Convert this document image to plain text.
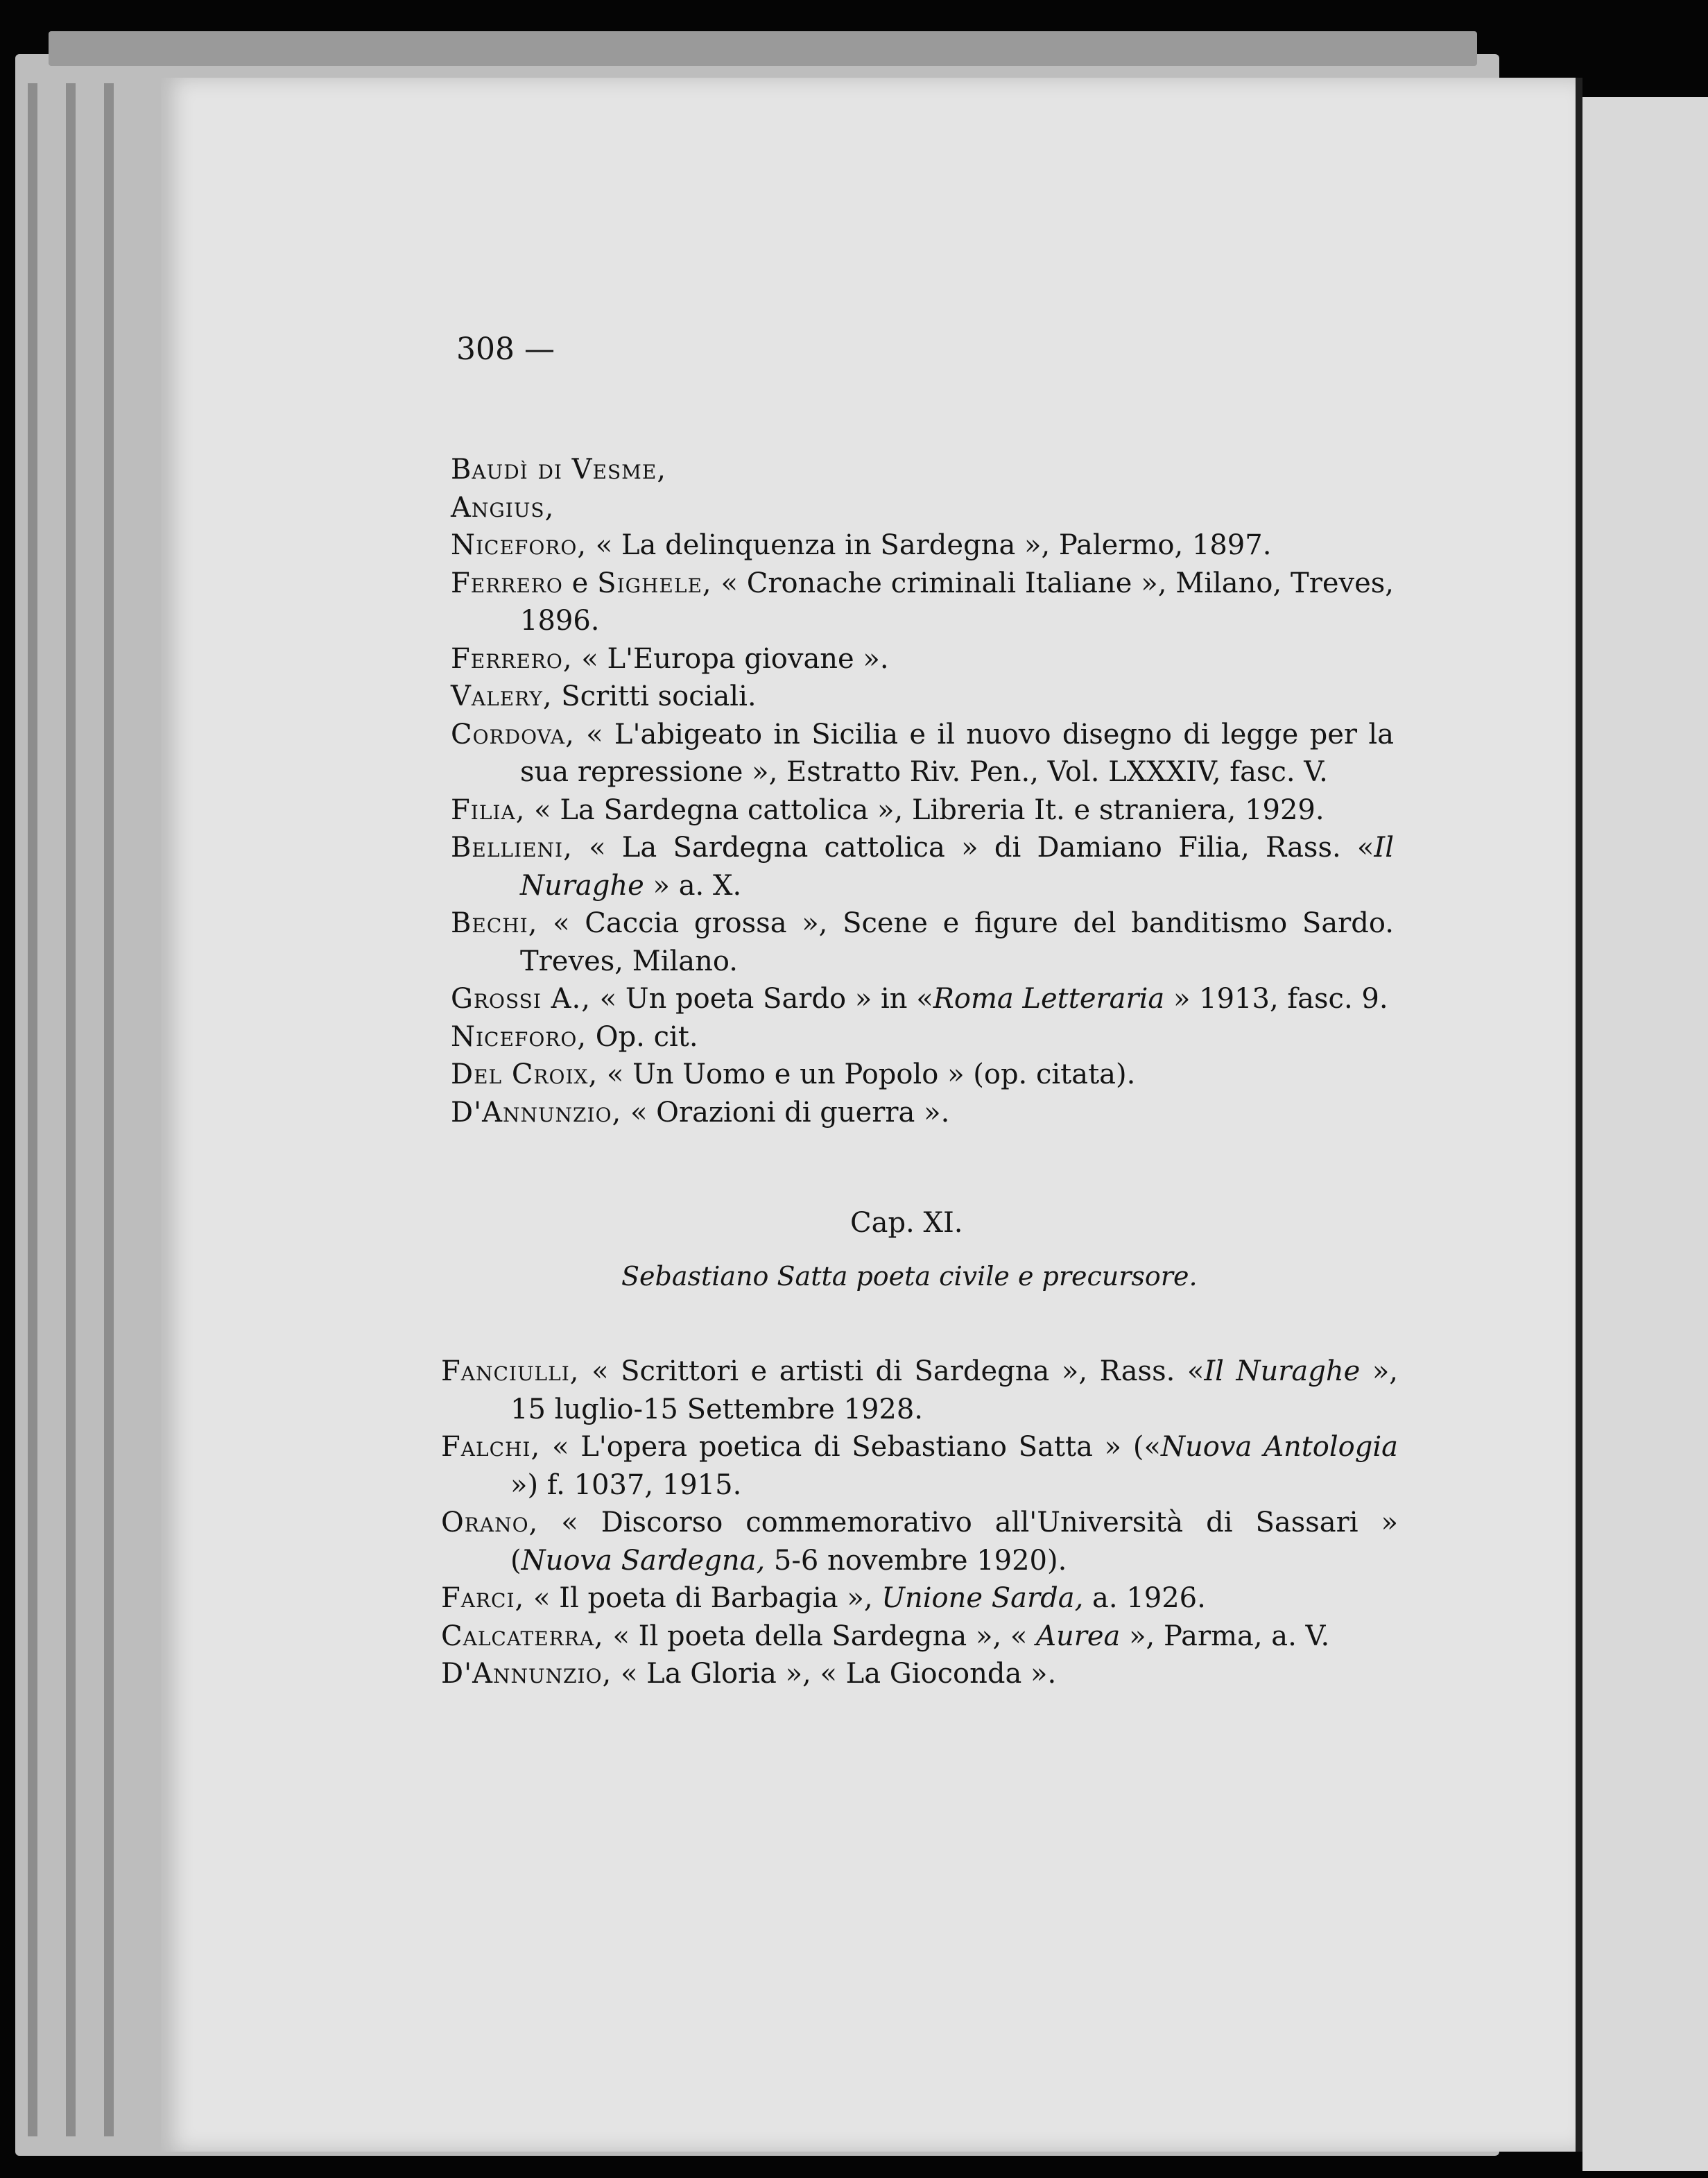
308 —
Baudì di Vesme,
Angius,
Niceforo, « La delinquenza in Sardegna », Palermo, 1897.
Ferrero e Sighele, « Cronache criminali Italiane », Milano, Treves, 1896.
Ferrero, « L'Europa giovane ».
Valery, Scritti sociali.
Cordova, « L'abigeato in Sicilia e il nuovo disegno di legge per la sua repressione », Estratto Riv. Pen., Vol. LXXXIV, fasc. V.
Filia, « La Sardegna cattolica », Libreria It. e straniera, 1929.
Bellieni, « La Sardegna cattolica » di Damiano Filia, Rass. «Il Nuraghe » a. X.
Bechi, « Caccia grossa », Scene e figure del banditismo Sardo. Treves, Milano.
Grossi A., « Un poeta Sardo » in «Roma Letteraria » 1913, fasc. 9.
Niceforo, Op. cit.
Del Croix, « Un Uomo e un Popolo » (op. citata).
D'Annunzio, « Orazioni di guerra ».
Cap. XI.
Sebastiano Satta poeta civile e precursore.
Fanciulli, « Scrittori e artisti di Sardegna », Rass. «Il Nuraghe », 15 luglio-15 Settembre 1928.
Falchi, « L'opera poetica di Sebastiano Satta » («Nuova Antologia ») f. 1037, 1915.
Orano, « Discorso commemorativo all'Università di Sassari » (Nuova Sardegna, 5-6 novembre 1920).
Farci, « Il poeta di Barbagia », Unione Sarda, a. 1926.
Calcaterra, « Il poeta della Sardegna », « Aurea », Parma, a. V.
D'Annunzio, « La Gloria », « La Gioconda ».
